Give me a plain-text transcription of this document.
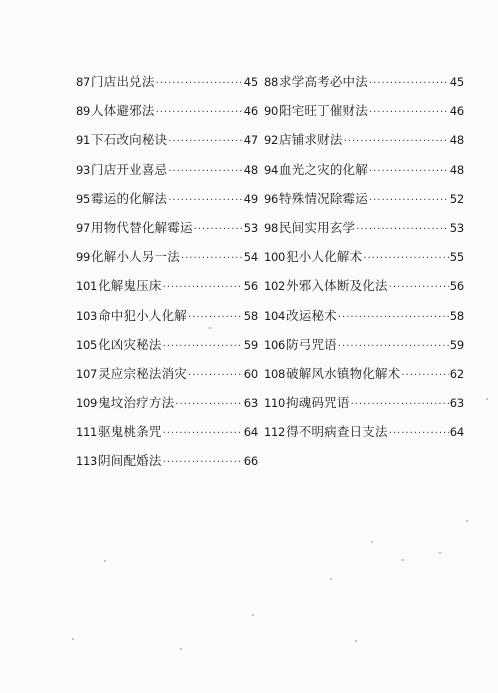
87 门店出兑法 ·····	45
89 人体避邪法 ·····	46
91 下石改向秘诀 ·····	47
93 门店开业喜忌 ·····	48
95 霉运的化解法 ·····	49
97 用物代替化解霉运 ·····	53
99 化解小人另一法 ·····	54
101 化解鬼压床 ·····	56
103 命中犯小人化解 ·····	58
105 化凶灾秘法 ·····	59
107 灵应宗秘法消灾 ·····	60
109 鬼坟治疗方法 ·····	63
111 驱鬼桃条咒 ·····	64
113 阴间配婚法 ·····	66
88 求学高考必中法 ·····	45
90 阳宅旺丁催财法 ·····	46
92 店铺求财法 ·····	48
94 血光之灾的化解 ·····	48
96 特殊情况除霉运 ·····	52
98 民间实用玄学 ·····	53
100 犯小人化解术 ·····	55
102 外邪入体断及化法 ·····	56
104 改运秘术 ·····	58
106 防弓咒语 ·····	59
108 破解风水镇物化解术 ·····	62
110 拘魂码咒语 ·····	63
112 得不明病查日支法 ·····	64
